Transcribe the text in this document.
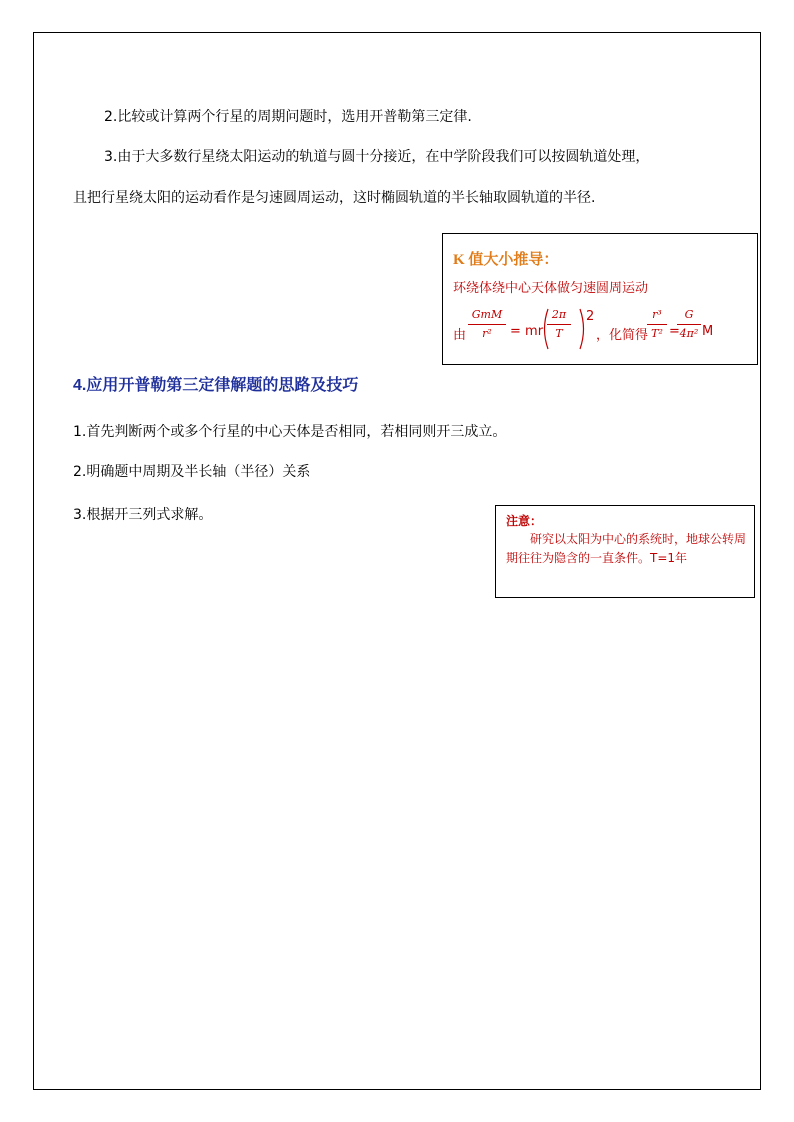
2.比较或计算两个行星的周期问题时，选用开普勒第三定律.
3.由于大多数行星绕太阳运动的轨道与圆十分接近，在中学阶段我们可以按圆轨道处理，
且把行星绕太阳的运动看作是匀速圆周运动，这时椭圆轨道的半长轴取圆轨道的半径.
K 值大小推导：
环绕体绕中心天体做匀速圆周运动
由
GmM
r²	= mr
2π
T
2
，化简得
r³
T² =
G
4π² M
4.应用开普勒第三定律解题的思路及技巧
1.首先判断两个或多个行星的中心天体是否相同，若相同则开三成立。
2.明确题中周期及半长轴（半径）关系
3.根据开三列式求解。	注意：
研究以太阳为中心的系统时，地球公转周期往往为隐含的一直条件。T=1年
